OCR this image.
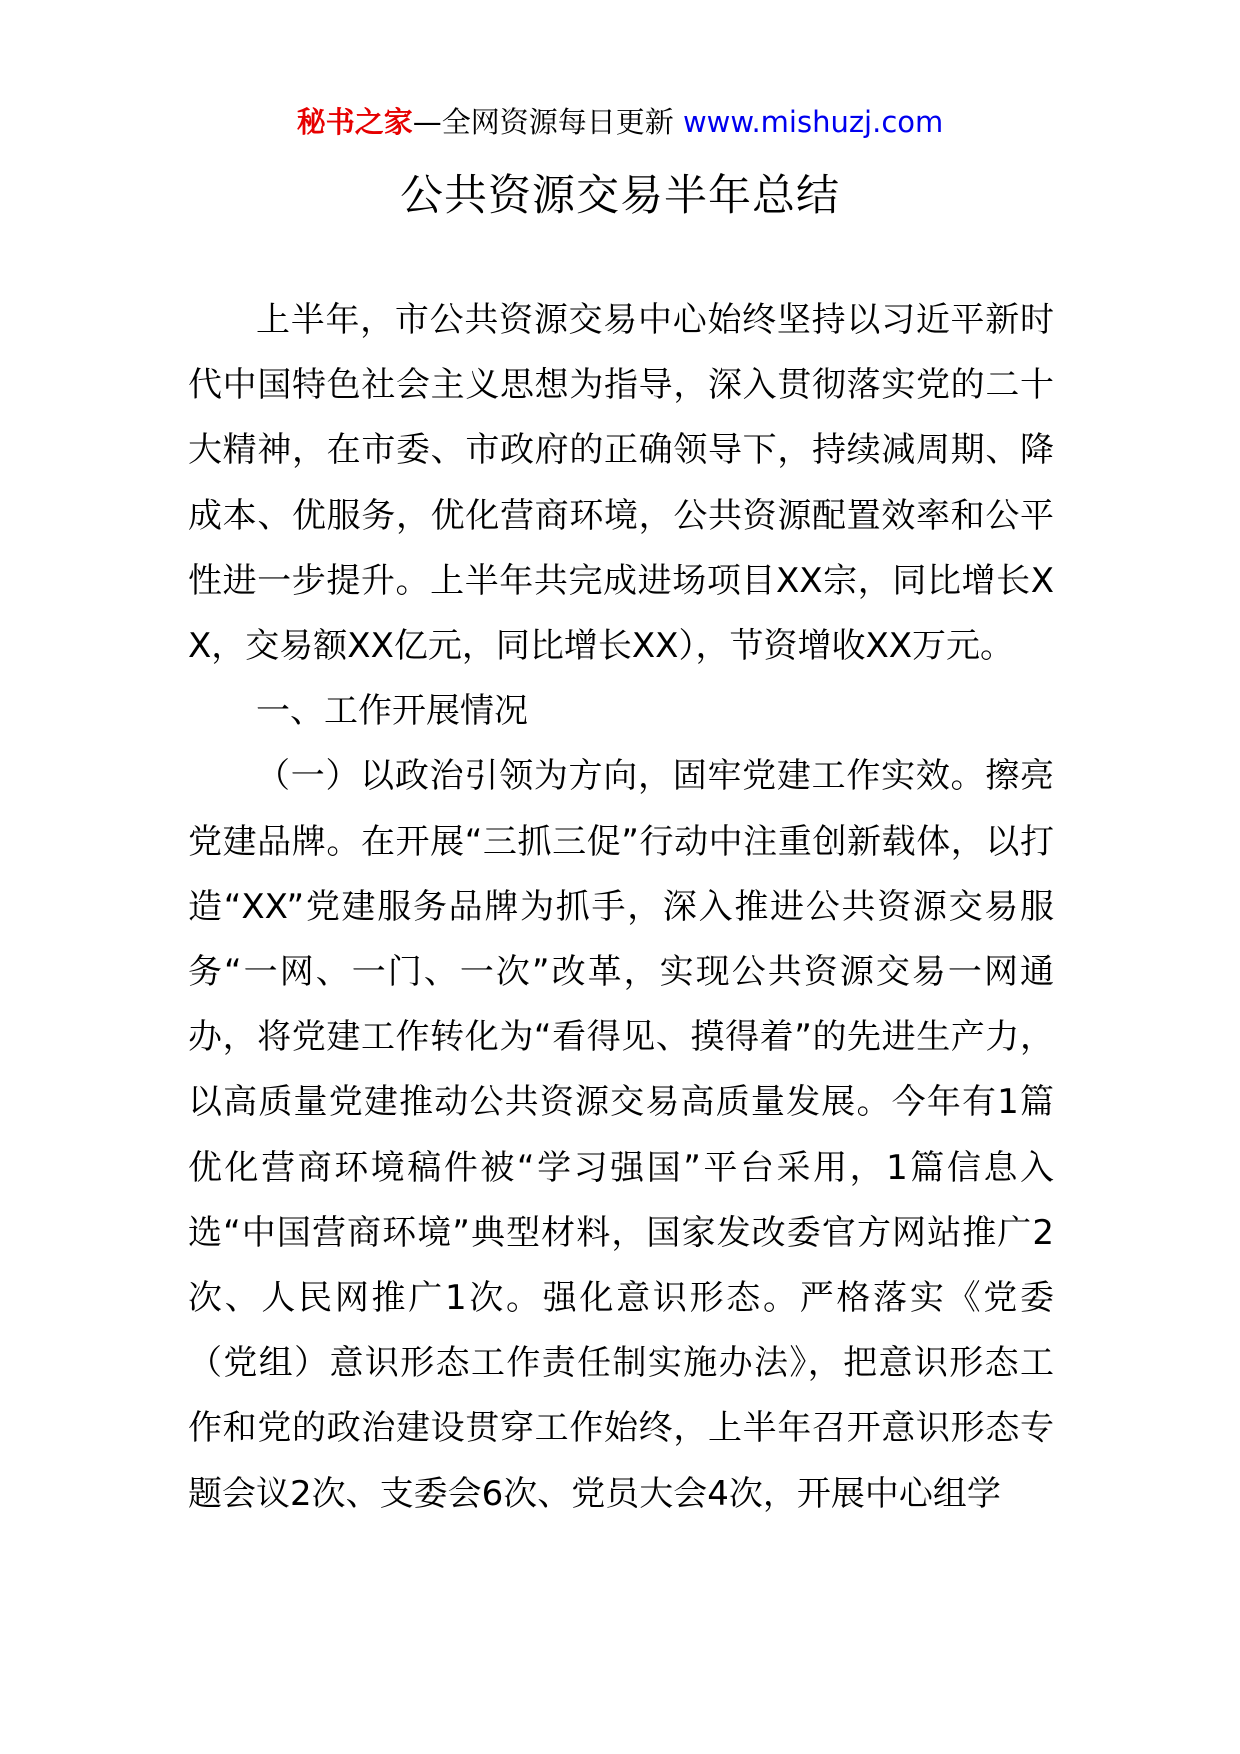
秘书之家—全网资源每日更新 www.mishuzj.com
公共资源交易半年总结

上半年，市公共资源交易中心始终坚持以习近平新时代中国特色社会主义思想为指导，深入贯彻落实党的二十大精神，在市委、市政府的正确领导下，持续减周期、降成本、优服务，优化营商环境，公共资源配置效率和公平性进一步提升。上半年共完成进场项目XX宗，同比增长XX，交易额XX亿元，同比增长XX），节资增收XX万元。

一、工作开展情况

（一）以政治引领为方向，固牢党建工作实效。擦亮党建品牌。在开展“三抓三促”行动中注重创新载体，以打造“XX”党建服务品牌为抓手，深入推进公共资源交易服务“一网、一门、一次”改革，实现公共资源交易一网通办，将党建工作转化为“看得见、摸得着”的先进生产力，以高质量党建推动公共资源交易高质量发展。今年有1篇优化营商环境稿件被“学习强国”平台采用，1篇信息入选“中国营商环境”典型材料，国家发改委官方网站推广2次、人民网推广1次。强化意识形态。严格落实《党委（党组）意识形态工作责任制实施办法》，把意识形态工作和党的政治建设贯穿工作始终，上半年召开意识形态专题会议2次、支委会6次、党员大会4次，开展中心组学
